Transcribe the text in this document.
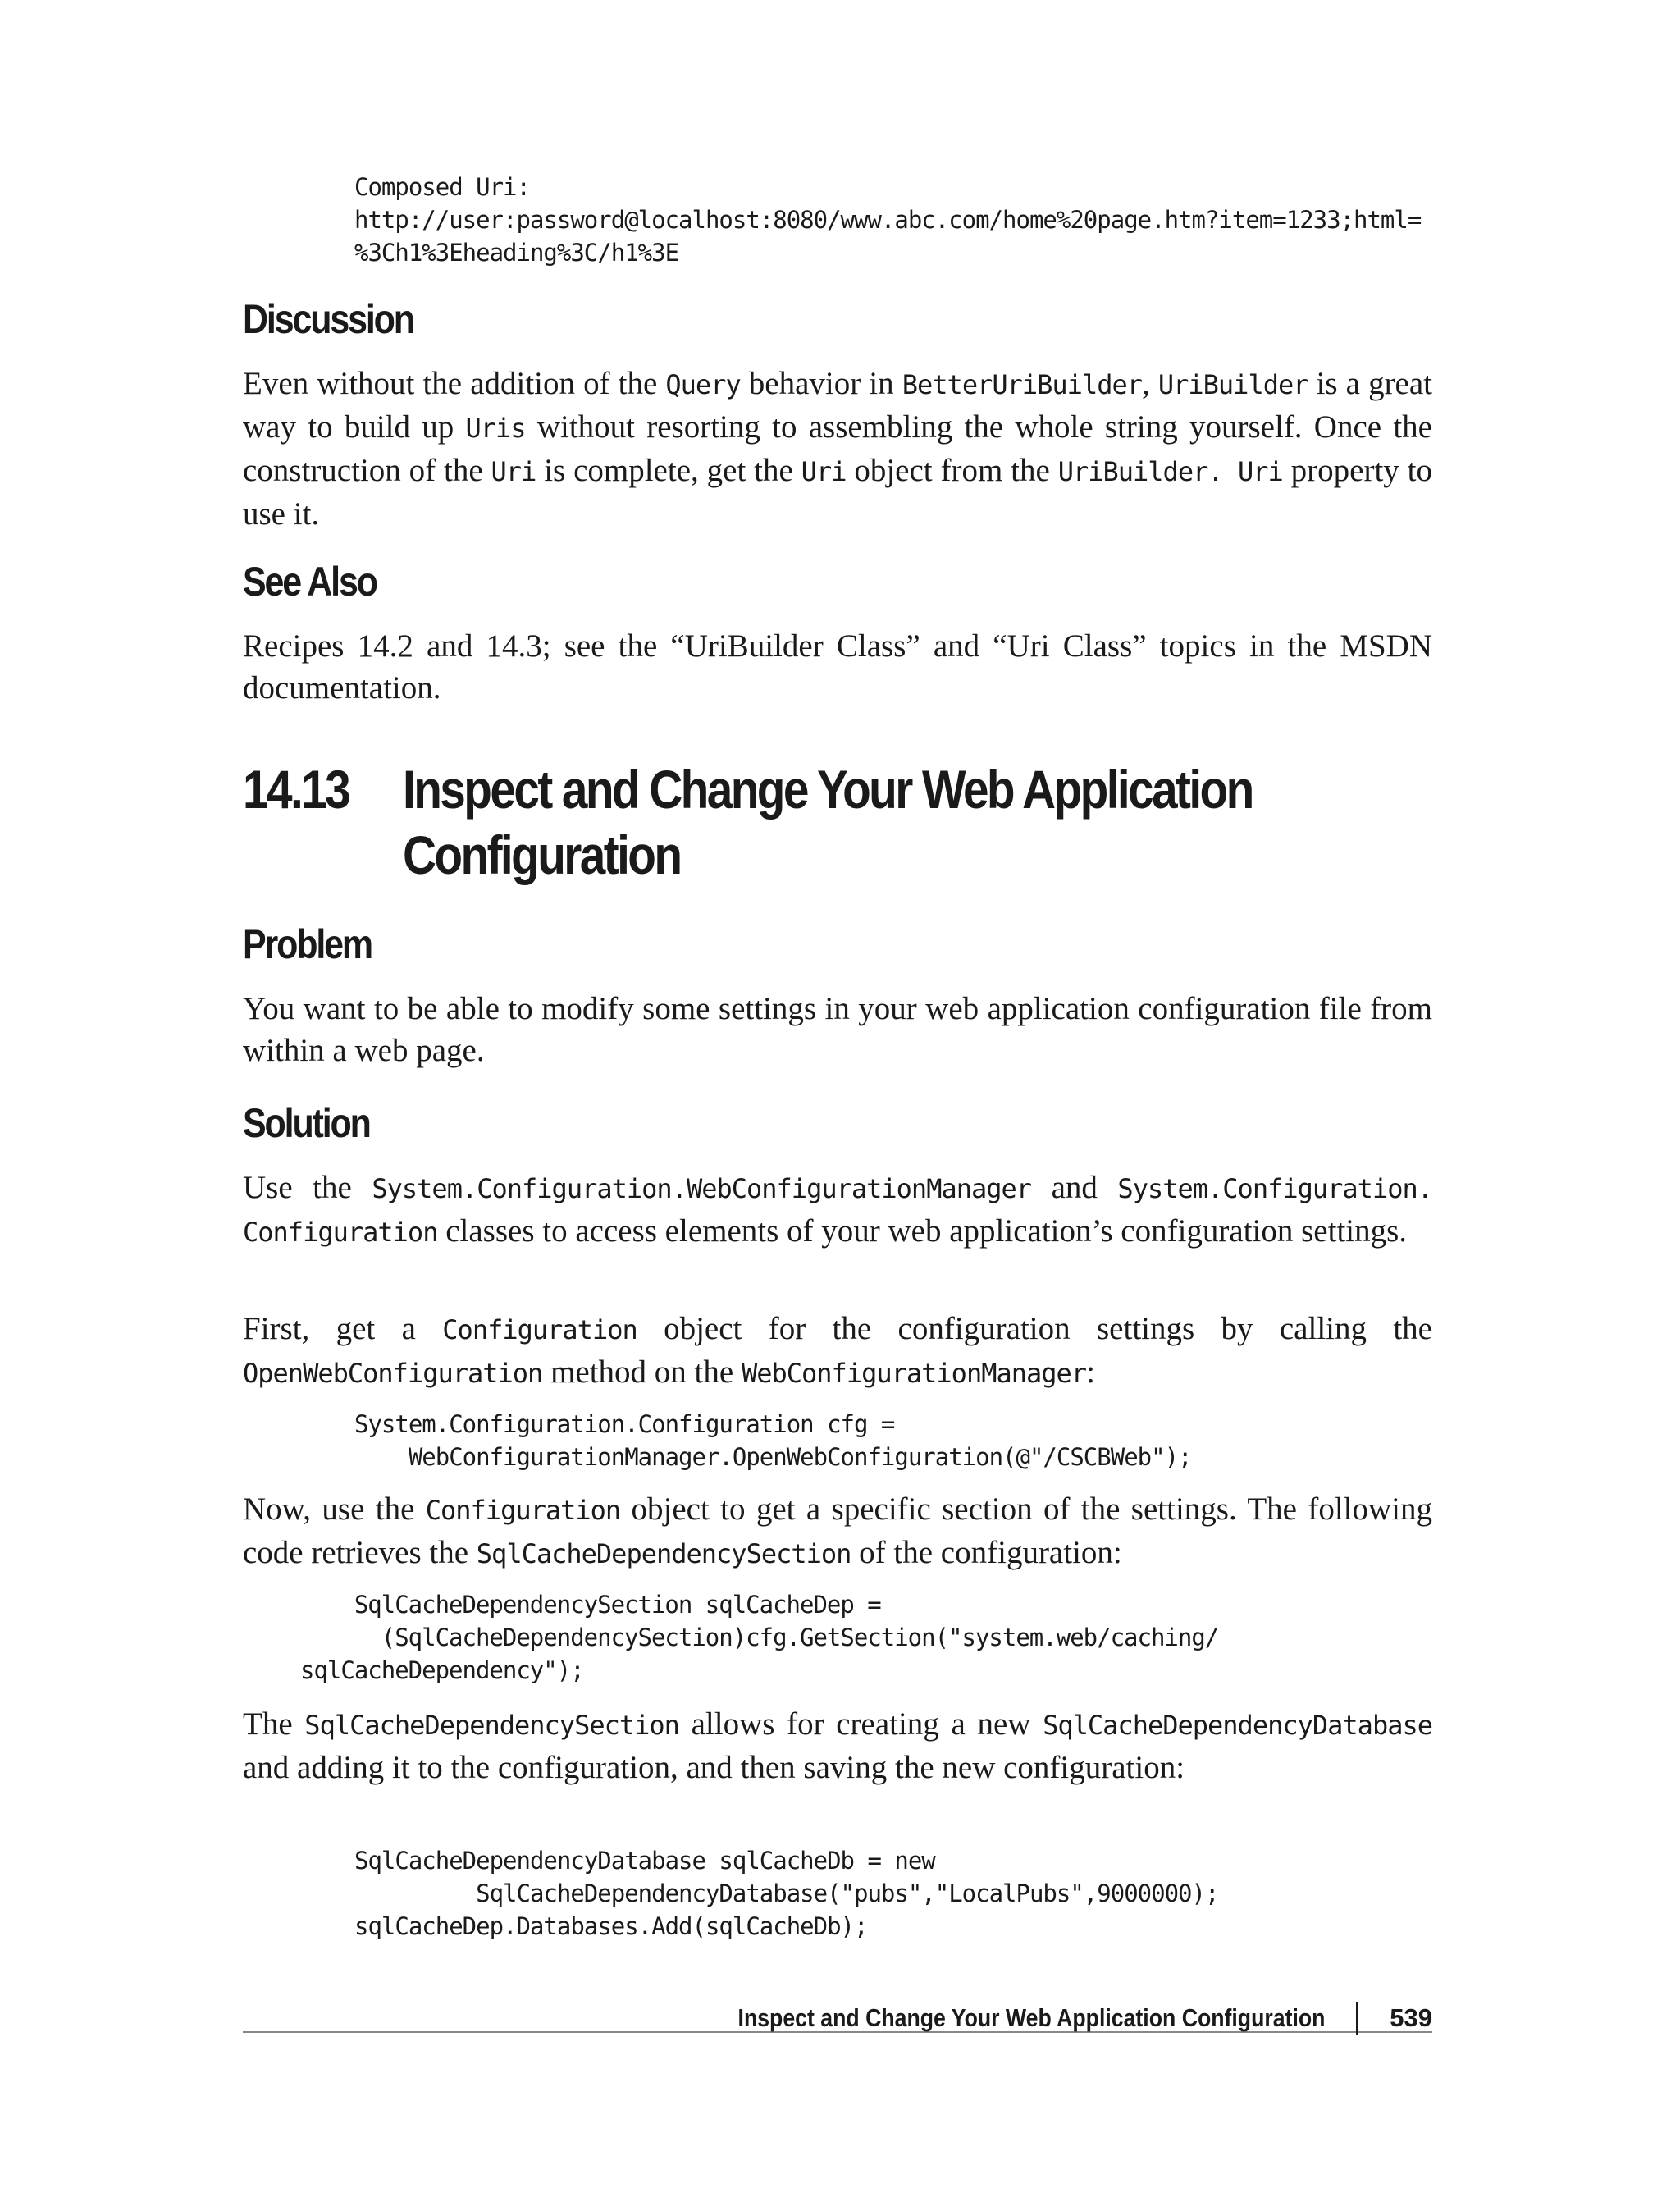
Composed Uri:
http://user:password@localhost:8080/www.abc.com/home%20page.htm?item=1233;html=
%3Ch1%3Eheading%3C/h1%3E
Discussion

Even without the addition of the Query behavior in BetterUriBuilder, UriBuilder is a great way to build up Uris without resorting to assembling the whole string yourself. Once the construction of the Uri is complete, get the Uri object from the UriBuilder. Uri property to use it.

See Also

Recipes 14.2 and 14.3; see the “UriBuilder Class” and “Uri Class” topics in the MSDN documentation.

14.13 Inspect and Change Your Web Application Configuration
Problem

You want to be able to modify some settings in your web application configuration file from within a web page.

Solution

Use the System.Configuration.WebConfigurationManager and System.Configuration. Configuration classes to access elements of your web application’s configuration settings.

First, get a Configuration object for the configuration settings by calling the OpenWebConfiguration method on the WebConfigurationManager:

System.Configuration.Configuration cfg =
WebConfigurationManager.OpenWebConfiguration(@"/CSCBWeb");

Now, use the Configuration object to get a specific section of the settings. The following code retrieves the SqlCacheDependencySection of the configuration:

SqlCacheDependencySection sqlCacheDep =
(SqlCacheDependencySection)cfg.GetSection("system.web/caching/
sqlCacheDependency");

The SqlCacheDependencySection allows for creating a new SqlCacheDependencyDatabase and adding it to the configuration, and then saving the new configuration:

SqlCacheDependencyDatabase sqlCacheDb = new
SqlCacheDependencyDatabase("pubs","LocalPubs",9000000);
sqlCacheDep.Databases.Add(sqlCacheDb);
Inspect and Change Your Web Application Configuration	539
